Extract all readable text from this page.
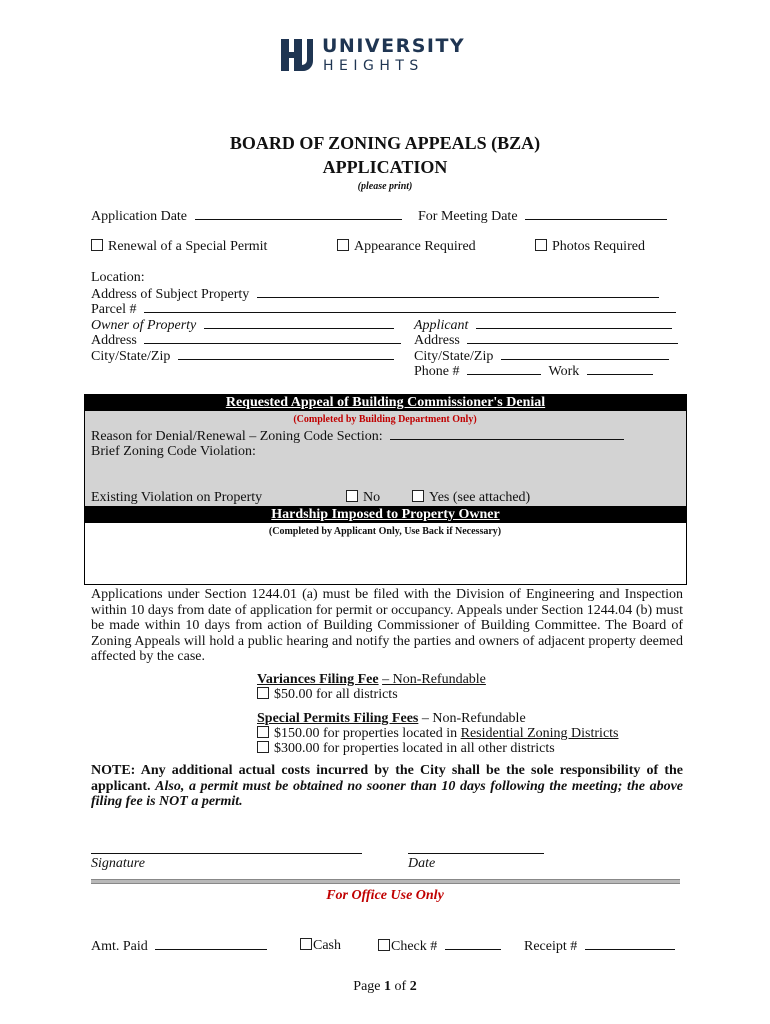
UNIVERSITY
HEIGHTS
BOARD OF ZONING APPEALS (BZA)
APPLICATION
(please print)
Application Date	For Meeting Date
Renewal of a Special Permit	Appearance Required	Photos Required
Location:
Address of Subject Property
Parcel #
Owner of Property	Applicant
Address	Address
City/State/Zip	City/State/Zip
Phone #	Work
Requested Appeal of Building Commissioner's Denial
(Completed by Building Department Only)
Reason for Denial/Renewal – Zoning Code Section:
Brief Zoning Code Violation:
Existing Violation on Property	No	Yes (see attached)
Hardship Imposed to Property Owner
(Completed by Applicant Only, Use Back if Necessary)
Applications under Section 1244.01 (a) must be filed with the Division of Engineering and Inspection within 10 days from date of application for permit or occupancy. Appeals under Section 1244.04 (b) must be made within 10 days from action of Building Commissioner of Building Committee. The Board of Zoning Appeals will hold a public hearing and notify the parties and owners of adjacent property deemed affected by the case.
Variances Filing Fee – Non-Refundable
$50.00 for all districts
Special Permits Filing Fees – Non-Refundable
$150.00 for properties located in Residential Zoning Districts
$300.00 for properties located in all other districts
NOTE: Any additional actual costs incurred by the City shall be the sole responsibility of the applicant. Also, a permit must be obtained no sooner than 10 days following the meeting; the above filing fee is NOT a permit.
Signature	Date
For Office Use Only
Amt. Paid	Cash	Check #	Receipt #
Page 1 of 2
